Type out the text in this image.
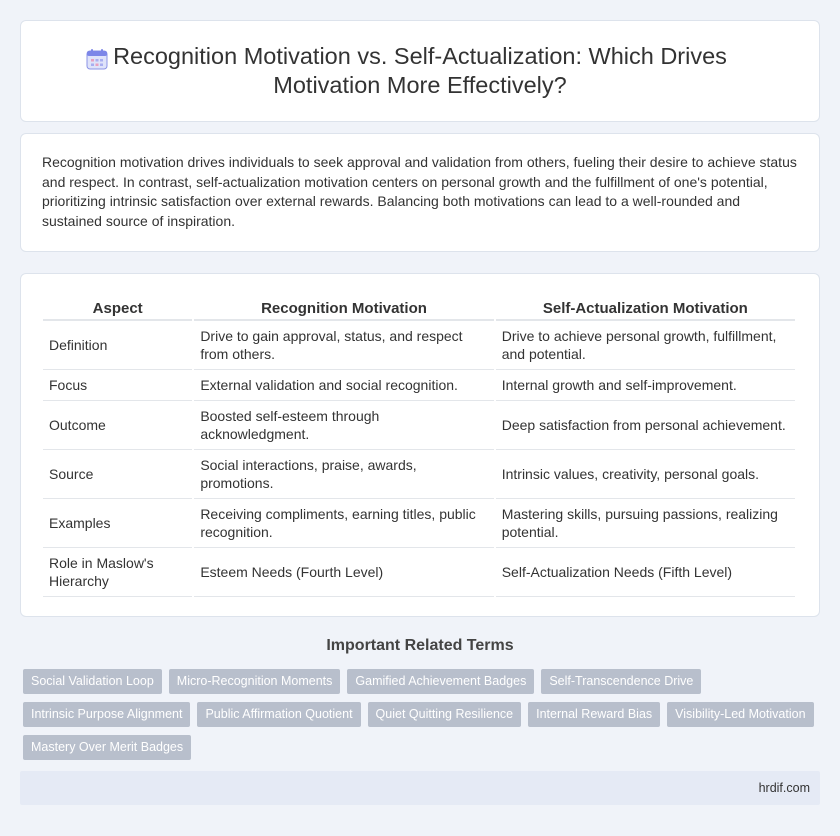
Recognition Motivation vs. Self-Actualization: Which Drives
Motivation More Effectively?

Recognition motivation drives individuals to seek approval and validation from others, fueling their desire to achieve status and respect. In contrast, self-actualization motivation centers on personal growth and the fulfillment of one's potential, prioritizing intrinsic satisfaction over external rewards. Balancing both motivations can lead to a well-rounded and sustained source of inspiration.

Aspect	Recognition Motivation	Self-Actualization Motivation
Definition	Drive to gain approval, status, and respect from others.	Drive to achieve personal growth, fulfillment, and potential.
Focus	External validation and social recognition.	Internal growth and self-improvement.
Outcome	Boosted self-esteem through acknowledgment.	Deep satisfaction from personal achievement.
Source	Social interactions, praise, awards, promotions.	Intrinsic values, creativity, personal goals.
Examples	Receiving compliments, earning titles, public recognition.	Mastering skills, pursuing passions, realizing potential.
Role in Maslow's Hierarchy	Esteem Needs (Fourth Level)	Self-Actualization Needs (Fifth Level)
Important Related Terms
Social Validation Loop	Micro-Recognition Moments	Gamified Achievement Badges	Self-Transcendence Drive
Intrinsic Purpose Alignment	Public Affirmation Quotient	Quiet Quitting Resilience	Internal Reward Bias	Visibility-Led Motivation
Mastery Over Merit Badges
hrdif.com
